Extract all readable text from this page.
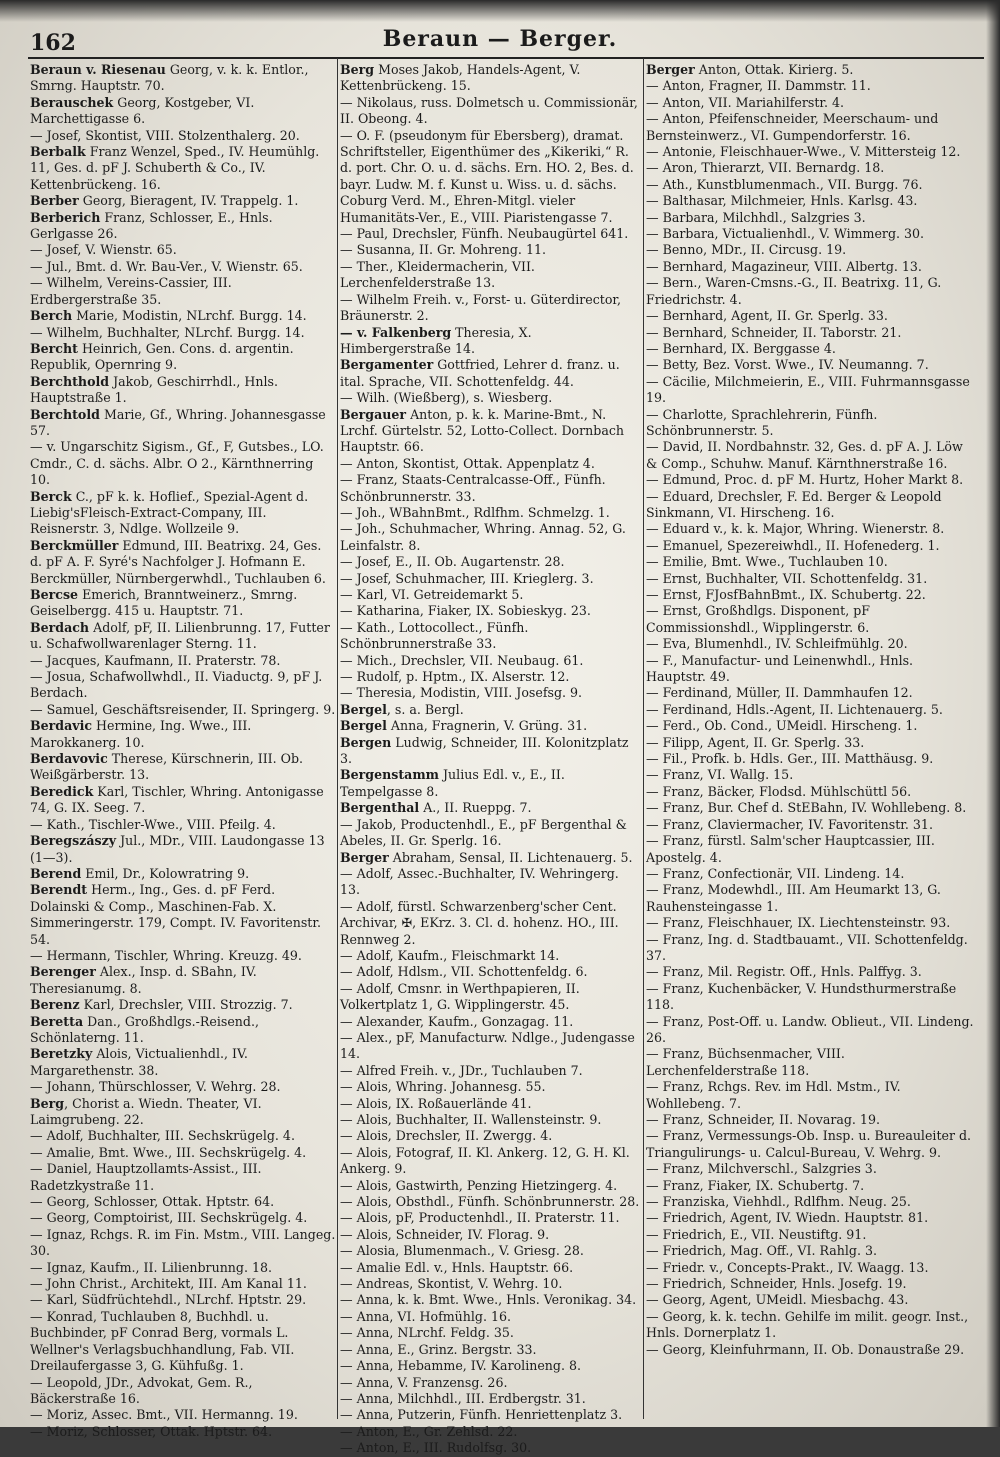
162	Beraun — Berger.

Beraun v. Riesenau Georg, v. k. k. Entlor., Smrng. Hauptstr. 70.

Berauschek Georg, Kostgeber, VI. Marchettigasse 6.

— Josef, Skontist, VIII. Stolzenthalerg. 20.

Berbalk Franz Wenzel, Sped., IV. Heumühlg. 11, Ges. d. pF J. Schuberth & Co., IV. Kettenbrückeng. 16.

Berber Georg, Bieragent, IV. Trappelg. 1.

Berberich Franz, Schlosser, E., Hnls. Gerlgasse 26.

— Josef, V. Wienstr. 65.

— Jul., Bmt. d. Wr. Bau-Ver., V. Wienstr. 65.

— Wilhelm, Vereins-Cassier, III. Erdbergerstraße 35.

Berch Marie, Modistin, NLrchf. Burgg. 14.

— Wilhelm, Buchhalter, NLrchf. Burgg. 14.

Bercht Heinrich, Gen. Cons. d. argentin. Republik, Opernring 9.

Berchthold Jakob, Geschirrhdl., Hnls. Hauptstraße 1.

Berchtold Marie, Gf., Whring. Johannesgasse 57.

— v. Ungarschitz Sigism., Gf., F, Gutsbes., LO. Cmdr., C. d. sächs. Albr. O 2., Kärnthnerring 10.

Berck C., pF k. k. Hoflief., Spezial-Agent d. Liebig'sFleisch-Extract-Company, III. Reisnerstr. 3, Ndlge. Wollzeile 9.

Berckmüller Edmund, III. Beatrixg. 24, Ges. d. pF A. F. Syré's Nachfolger J. Hofmann E. Berckmüller, Nürnbergerwhdl., Tuchlauben 6.

Bercse Emerich, Branntweinerz., Smrng. Geiselbergg. 415 u. Hauptstr. 71.

Berdach Adolf, pF, II. Lilienbrunng. 17, Futter u. Schafwollwarenlager Sterng. 11.

— Jacques, Kaufmann, II. Praterstr. 78.

— Josua, Schafwollwhdl., II. Viaductg. 9, pF J. Berdach.

— Samuel, Geschäftsreisender, II. Springerg. 9.

Berdavic Hermine, Ing. Wwe., III. Marokkanerg. 10.

Berdavovic Therese, Kürschnerin, III. Ob. Weißgärberstr. 13.

Beredick Karl, Tischler, Whring. Antonigasse 74, G. IX. Seeg. 7.

— Kath., Tischler-Wwe., VIII. Pfeilg. 4.

Beregszászy Jul., MDr., VIII. Laudongasse 13 (1—3).

Berend Emil, Dr., Kolowratring 9.

Berendt Herm., Ing., Ges. d. pF Ferd. Dolainski & Comp., Maschinen-Fab. X. Simmeringerstr. 179, Compt. IV. Favoritenstr. 54.

— Hermann, Tischler, Whring. Kreuzg. 49.

Berenger Alex., Insp. d. SBahn, IV. Theresianumg. 8.

Berenz Karl, Drechsler, VIII. Strozzig. 7.

Beretta Dan., Großhdlgs.-Reisend., Schönlaterng. 11.

Beretzky Alois, Victualienhdl., IV. Margarethenstr. 38.

— Johann, Thürschlosser, V. Wehrg. 28.

Berg, Chorist a. Wiedn. Theater, VI. Laimgrubeng. 22.

— Adolf, Buchhalter, III. Sechskrügelg. 4.

— Amalie, Bmt. Wwe., III. Sechskrügelg. 4.

— Daniel, Hauptzollamts-Assist., III. Radetzkystraße 11.

— Georg, Schlosser, Ottak. Hptstr. 64.

— Georg, Comptoirist, III. Sechskrügelg. 4.

— Ignaz, Rchgs. R. im Fin. Mstm., VIII. Langeg. 30.

— Ignaz, Kaufm., II. Lilienbrunng. 18.

— John Christ., Architekt, III. Am Kanal 11.

— Karl, Südfrüchtehdl., NLrchf. Hptstr. 29.

— Konrad, Tuchlauben 8, Buchhdl. u. Buchbinder, pF Conrad Berg, vormals L. Wellner's Verlagsbuchhandlung, Fab. VII. Dreilaufergasse 3, G. Kühfußg. 1.

— Leopold, JDr., Advokat, Gem. R., Bäckerstraße 16.

— Moriz, Assec. Bmt., VII. Hermanng. 19.

— Moriz, Schlosser, Ottak. Hptstr. 64.

Berg Moses Jakob, Handels-Agent, V. Kettenbrückeng. 15.

— Nikolaus, russ. Dolmetsch u. Commissionär, II. Obeong. 4.

— O. F. (pseudonym für Ebersberg), dramat. Schriftsteller, Eigenthümer des „Kikeriki,“ R. d. port. Chr. O. u. d. sächs. Ern. HO. 2, Bes. d. bayr. Ludw. M. f. Kunst u. Wiss. u. d. sächs. Coburg Verd. M., Ehren-Mitgl. vieler Humanitäts-Ver., E., VIII. Piaristengasse 7.

— Paul, Drechsler, Fünfh. Neubaugürtel 641.

— Susanna, II. Gr. Mohreng. 11.

— Ther., Kleidermacherin, VII. Lerchenfelderstraße 13.

— Wilhelm Freih. v., Forst- u. Güterdirector, Bräunerstr. 2.

— v. Falkenberg Theresia, X. Himbergerstraße 14.

Bergamenter Gottfried, Lehrer d. franz. u. ital. Sprache, VII. Schottenfeldg. 44.

— Wilh. (Wießberg), s. Wiesberg.

Bergauer Anton, p. k. k. Marine-Bmt., N. Lrchf. Gürtelstr. 52, Lotto-Collect. Dornbach Hauptstr. 66.

— Anton, Skontist, Ottak. Appenplatz 4.

— Franz, Staats-Centralcasse-Off., Fünfh. Schönbrunnerstr. 33.

— Joh., WBahnBmt., Rdlfhm. Schmelzg. 1.

— Joh., Schuhmacher, Whring. Annag. 52, G. Leinfalstr. 8.

— Josef, E., II. Ob. Augartenstr. 28.

— Josef, Schuhmacher, III. Krieglerg. 3.

— Karl, VI. Getreidemarkt 5.

— Katharina, Fiaker, IX. Sobieskyg. 23.

— Kath., Lottocollect., Fünfh. Schönbrunnerstraße 33.

— Mich., Drechsler, VII. Neubaug. 61.

— Rudolf, p. Hptm., IX. Alserstr. 12.

— Theresia, Modistin, VIII. Josefsg. 9.

Bergel, s. a. Bergl.

Bergel Anna, Fragnerin, V. Grüng. 31.

Bergen Ludwig, Schneider, III. Kolonitzplatz 3.

Bergenstamm Julius Edl. v., E., II. Tempelgasse 8.

Bergenthal A., II. Rueppg. 7.

— Jakob, Productenhdl., E., pF Bergenthal & Abeles, II. Gr. Sperlg. 16.

Berger Abraham, Sensal, II. Lichtenauerg. 5.

— Adolf, Assec.-Buchhalter, IV. Wehringerg. 13.

— Adolf, fürstl. Schwarzenberg'scher Cent. Archivar, ✠, EKrz. 3. Cl. d. hohenz. HO., III. Rennweg 2.

— Adolf, Kaufm., Fleischmarkt 14.

— Adolf, Hdlsm., VII. Schottenfeldg. 6.

— Adolf, Cmsnr. in Werthpapieren, II. Volkertplatz 1, G. Wipplingerstr. 45.

— Alexander, Kaufm., Gonzagag. 11.

— Alex., pF, Manufacturw. Ndlge., Judengasse 14.

— Alfred Freih. v., JDr., Tuchlauben 7.

— Alois, Whring. Johannesg. 55.

— Alois, IX. Roßauerlände 41.

— Alois, Buchhalter, II. Wallensteinstr. 9.

— Alois, Drechsler, II. Zwergg. 4.

— Alois, Fotograf, II. Kl. Ankerg. 12, G. H. Kl. Ankerg. 9.

— Alois, Gastwirth, Penzing Hietzingerg. 4.

— Alois, Obsthdl., Fünfh. Schönbrunnerstr. 28.

— Alois, pF, Productenhdl., II. Praterstr. 11.

— Alois, Schneider, IV. Florag. 9.

— Alosia, Blumenmach., V. Griesg. 28.

— Amalie Edl. v., Hnls. Hauptstr. 66.

— Andreas, Skontist, V. Wehrg. 10.

— Anna, k. k. Bmt. Wwe., Hnls. Veronikag. 34.

— Anna, VI. Hofmühlg. 16.

— Anna, NLrchf. Feldg. 35.

— Anna, E., Grinz. Bergstr. 33.

— Anna, Hebamme, IV. Karolineng. 8.

— Anna, V. Franzensg. 26.

— Anna, Milchhdl., III. Erdbergstr. 31.

— Anna, Putzerin, Fünfh. Henriettenplatz 3.

— Anton, E., Gr. Zehlsd. 22.

— Anton, E., III. Rudolfsg. 30.

Berger Anton, Ottak. Kirierg. 5.

— Anton, Fragner, II. Dammstr. 11.

— Anton, VII. Mariahilferstr. 4.

— Anton, Pfeifenschneider, Meerschaum- und Bernsteinwerz., VI. Gumpendorferstr. 16.

— Antonie, Fleischhauer-Wwe., V. Mittersteig 12.

— Aron, Thierarzt, VII. Bernardg. 18.

— Ath., Kunstblumenmach., VII. Burgg. 76.

— Balthasar, Milchmeier, Hnls. Karlsg. 43.

— Barbara, Milchhdl., Salzgries 3.

— Barbara, Victualienhdl., V. Wimmerg. 30.

— Benno, MDr., II. Circusg. 19.

— Bernhard, Magazineur, VIII. Albertg. 13.

— Bern., Waren-Cmsns.-G., II. Beatrixg. 11, G. Friedrichstr. 4.

— Bernhard, Agent, II. Gr. Sperlg. 33.

— Bernhard, Schneider, II. Taborstr. 21.

— Bernhard, IX. Berggasse 4.

— Betty, Bez. Vorst. Wwe., IV. Neumanng. 7.

— Cäcilie, Milchmeierin, E., VIII. Fuhrmannsgasse 19.

— Charlotte, Sprachlehrerin, Fünfh. Schönbrunnerstr. 5.

— David, II. Nordbahnstr. 32, Ges. d. pF A. J. Löw & Comp., Schuhw. Manuf. Kärnthnerstraße 16.

— Edmund, Proc. d. pF M. Hurtz, Hoher Markt 8.

— Eduard, Drechsler, F. Ed. Berger & Leopold Sinkmann, VI. Hirscheng. 16.

— Eduard v., k. k. Major, Whring. Wienerstr. 8.

— Emanuel, Spezereiwhdl., II. Hofenederg. 1.

— Emilie, Bmt. Wwe., Tuchlauben 10.

— Ernst, Buchhalter, VII. Schottenfeldg. 31.

— Ernst, FJosfBahnBmt., IX. Schubertg. 22.

— Ernst, Großhdlgs. Disponent, pF Commissionshdl., Wipplingerstr. 6.

— Eva, Blumenhdl., IV. Schleifmühlg. 20.

— F., Manufactur- und Leinenwhdl., Hnls. Hauptstr. 49.

— Ferdinand, Müller, II. Dammhaufen 12.

— Ferdinand, Hdls.-Agent, II. Lichtenauerg. 5.

— Ferd., Ob. Cond., UMeidl. Hirscheng. 1.

— Filipp, Agent, II. Gr. Sperlg. 33.

— Fil., Profk. b. Hdls. Ger., III. Matthäusg. 9.

— Franz, VI. Wallg. 15.

— Franz, Bäcker, Flodsd. Mühlschüttl 56.

— Franz, Bur. Chef d. StEBahn, IV. Wohllebeng. 8.

— Franz, Claviermacher, IV. Favoritenstr. 31.

— Franz, fürstl. Salm'scher Hauptcassier, III. Apostelg. 4.

— Franz, Confectionär, VII. Lindeng. 14.

— Franz, Modewhdl., III. Am Heumarkt 13, G. Rauhensteingasse 1.

— Franz, Fleischhauer, IX. Liechtensteinstr. 93.

— Franz, Ing. d. Stadtbauamt., VII. Schottenfeldg. 37.

— Franz, Mil. Registr. Off., Hnls. Palffyg. 3.

— Franz, Kuchenbäcker, V. Hundsthurmerstraße 118.

— Franz, Post-Off. u. Landw. Oblieut., VII. Lindeng. 26.

— Franz, Büchsenmacher, VIII. Lerchenfelderstraße 118.

— Franz, Rchgs. Rev. im Hdl. Mstm., IV. Wohllebeng. 7.

— Franz, Schneider, II. Novarag. 19.

— Franz, Vermessungs-Ob. Insp. u. Bureauleiter d. Triangulirungs- u. Calcul-Bureau, V. Wehrg. 9.

— Franz, Milchverschl., Salzgries 3.

— Franz, Fiaker, IX. Schubertg. 7.

— Franziska, Viehhdl., Rdlfhm. Neug. 25.

— Friedrich, Agent, IV. Wiedn. Hauptstr. 81.

— Friedrich, E., VII. Neustiftg. 91.

— Friedrich, Mag. Off., VI. Rahlg. 3.

— Friedr. v., Concepts-Prakt., IV. Waagg. 13.

— Friedrich, Schneider, Hnls. Josefg. 19.

— Georg, Agent, UMeidl. Miesbachg. 43.

— Georg, k. k. techn. Gehilfe im milit. geogr. Inst., Hnls. Dornerplatz 1.

— Georg, Kleinfuhrmann, II. Ob. Donaustraße 29.
